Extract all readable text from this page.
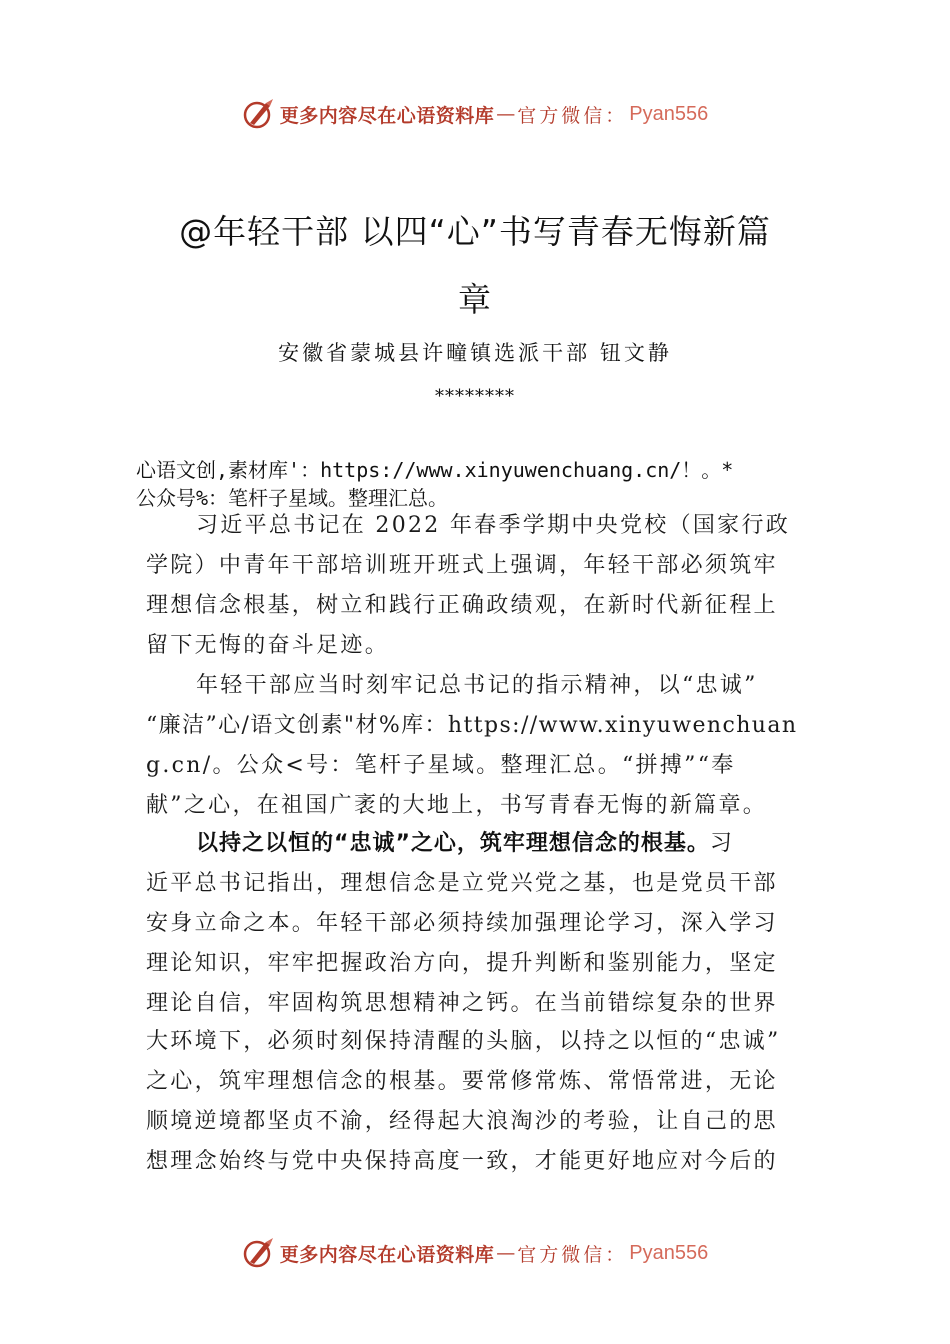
更多内容尽在心语资料库 — 官方微信： Pyan556
@年轻干部 以四“心”书写青春无悔新篇
章
安徽省蒙城县许疃镇选派干部 钮文静
********
心语文创,素材库'：https://www.xinyuwenchuang.cn/！。*
公众号%：笔杆子星域。整理汇总。
习近平总书记在 2022 年春季学期中央党校（国家行政
学院）中青年干部培训班开班式上强调，年轻干部必须筑牢
理想信念根基，树立和践行正确政绩观，在新时代新征程上
留下无悔的奋斗足迹。
年轻干部应当时刻牢记总书记的指示精神，以“忠诚”
“廉洁”心/语文创素"材%库：https://www.xinyuwenchuan
g.cn/。公众<号：笔杆子星域。整理汇总。“拼搏”“奉
献”之心，在祖国广袤的大地上，书写青春无悔的新篇章。
以持之以恒的“忠诚”之心，筑牢理想信念的根基。习
近平总书记指出，理想信念是立党兴党之基，也是党员干部
安身立命之本。年轻干部必须持续加强理论学习，深入学习
理论知识，牢牢把握政治方向，提升判断和鉴别能力，坚定
理论自信，牢固构筑思想精神之钙。在当前错综复杂的世界
大环境下，必须时刻保持清醒的头脑，以持之以恒的“忠诚”
之心，筑牢理想信念的根基。要常修常炼、常悟常进，无论
顺境逆境都坚贞不渝，经得起大浪淘沙的考验，让自己的思
想理念始终与党中央保持高度一致，才能更好地应对今后的
更多内容尽在心语资料库 — 官方微信： Pyan556
